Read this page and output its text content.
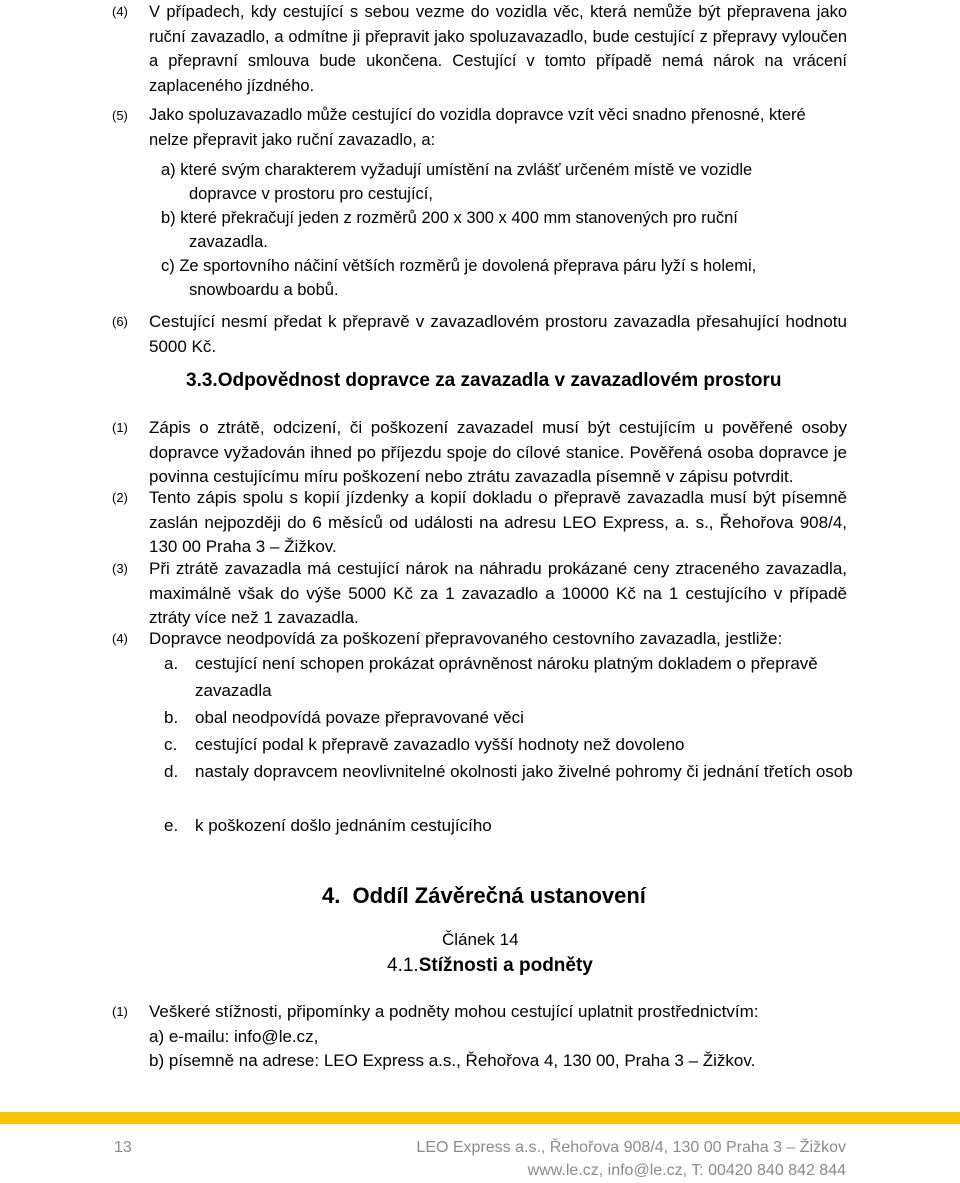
(4) V případech, kdy cestující s sebou vezme do vozidla věc, která nemůže být přepravena jako ruční zavazadlo, a odmítne ji přepravit jako spoluzavazadlo, bude cestující z přepravy vyloučen a přepravní smlouva bude ukončena. Cestující v tomto případě nemá nárok na vrácení zaplaceného jízdného.
(5) Jako spoluzavazadlo může cestující do vozidla dopravce vzít věci snadno přenosné, které nelze přepravit jako ruční zavazadlo, a:
a) které svým charakterem vyžadují umístění na zvlášť určeném místě ve vozidle dopravce v prostoru pro cestující,
b) které překračují jeden z rozměrů 200 x 300 x 400 mm stanovených pro ruční zavazadla.
c) Ze sportovního náčiní větších rozměrů je dovolená přeprava páru lyží s holemi, snowboardu a bobů.
(6) Cestující nesmí předat k přepravě v zavazadlovém prostoru zavazadla přesahující hodnotu 5000 Kč.
3.3.Odpovědnost dopravce za zavazadla v zavazadlovém prostoru
(1) Zápis o ztrátě, odcizení, či poškození zavazadel musí být cestujícím u pověřené osoby dopravce vyžadován ihned po příjezdu spoje do cílové stanice. Pověřená osoba dopravce je povinna cestujícímu míru poškození nebo ztrátu zavazadla písemně v zápisu potvrdit.
(2) Tento zápis spolu s kopií jízdenky a kopií dokladu o přepravě zavazadla musí být písemně zaslán nejpozději do 6 měsíců od události na adresu LEO Express, a. s., Řehořova 908/4, 130 00 Praha 3 – Žižkov.
(3) Při ztrátě zavazadla má cestující nárok na náhradu prokázané ceny ztraceného zavazadla, maximálně však do výše 5000 Kč za 1 zavazadlo a 10000 Kč na 1 cestujícího v případě ztráty více než 1 zavazadla.
(4) Dopravce neodpovídá za poškození přepravovaného cestovního zavazadla, jestliže:
a. cestující není schopen prokázat oprávněnost nároku platným dokladem o přepravě zavazadla
b. obal neodpovídá povaze přepravované věci
c. cestující podal k přepravě zavazadlo vyšší hodnoty než dovoleno
d. nastaly dopravcem neovlivnitelné okolnosti jako živelné pohromy či jednání třetích osob
e. k poškození došlo jednáním cestujícího
4. Oddíl Závěrečná ustanovení
Článek 14
4.1.Stížnosti a podněty
(1) Veškeré stížnosti, připomínky a podněty mohou cestující uplatnit prostřednictvím:
a) e-mailu: info@le.cz,
b) písemně na adrese: LEO Express a.s., Řehořova 4, 130 00, Praha 3 – Žižkov.
13	LEO Express a.s., Řehořova 908/4, 130 00 Praha 3 – Žižkov
www.le.cz, info@le.cz, T: 00420 840 842 844
